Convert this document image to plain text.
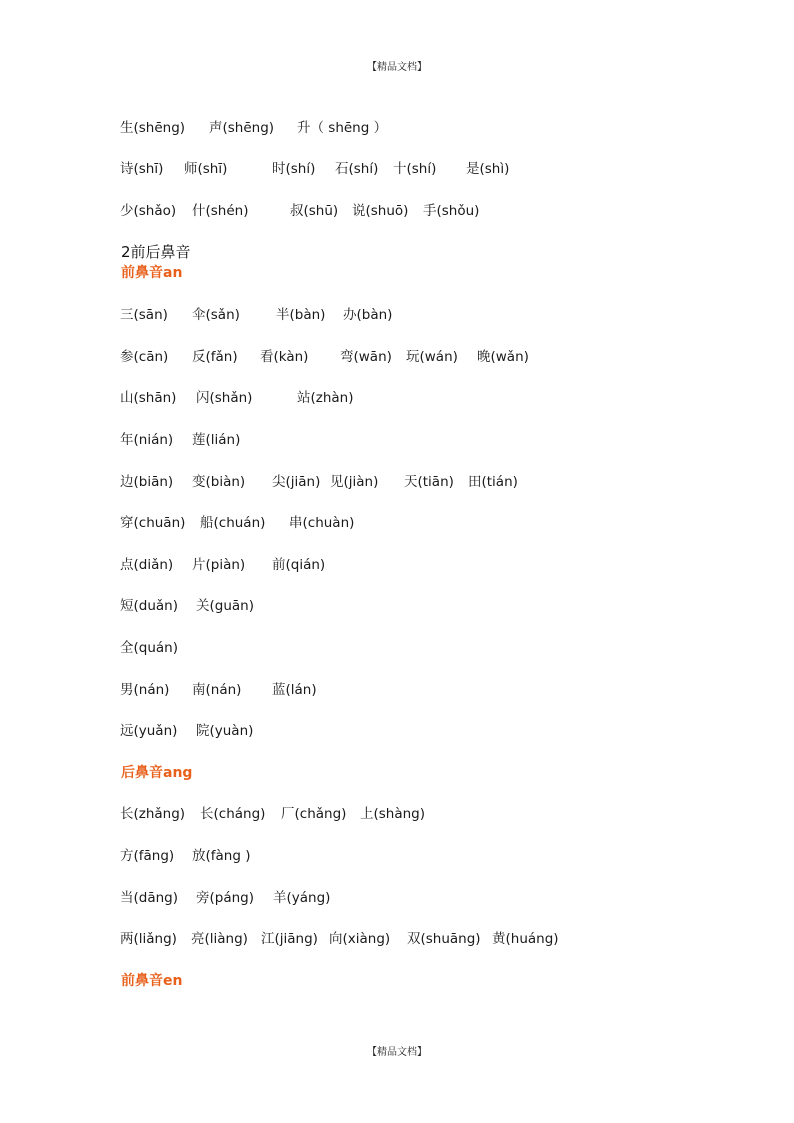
【精品文档】
2前后鼻音
前鼻音an
后鼻音ang
前鼻音en
生(shēng) 声(shēng) 升（ shēng ）
诗(shī) 师(shī)	时(shí) 石(shí) 十(shí) 是(shì)
少(shǎo) 什(shén)	叔(shū) 说(shuō) 手(shǒu)
三(sān) 伞(sǎn)	半(bàn) 办(bàn)
参(cān) 反(fǎn) 看(kàn) 弯(wān) 玩(wán) 晚(wǎn)
山(shān) 闪(shǎn)	站(zhàn)
年(nián) 莲(lián)
边(biān) 变(biàn) 尖(jiān) 见(jiàn) 天(tiān) 田(tián)
穿(chuān) 船(chuán) 串(chuàn)
点(diǎn) 片(piàn) 前(qián)
短(duǎn) 关(guān)
全(quán)
男(nán) 南(nán) 蓝(lán)
远(yuǎn) 院(yuàn)
长(zhǎng) 长(cháng) 厂(chǎng) 上(shàng)
方(fāng) 放(fàng )
当(dāng) 旁(páng) 羊(yáng)
两(liǎng) 亮(liàng) 江(jiāng) 向(xiàng) 双(shuāng) 黄(huáng)
【精品文档】
